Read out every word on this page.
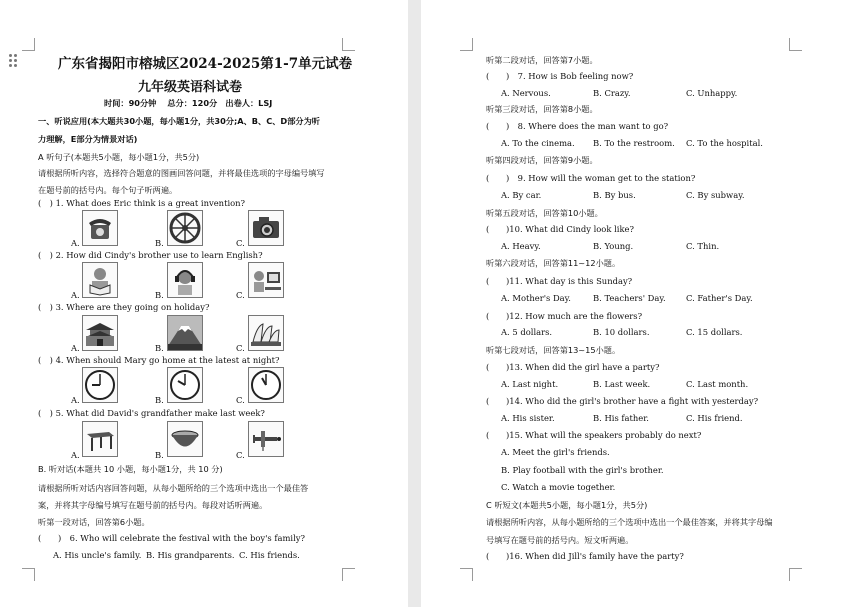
广东省揭阳市榕城区2024-2025第1-7单元试卷
九年级英语科试卷
时间：90分钟　 总分：120分　出卷人：LSJ
一、听说应用(本大题共30小题，每小题1分，共30分;A、B、C、D部分为听
力理解，E部分为情景对话)
A 听句子(本题共5小题，每小题1分，共5分)
请根据所听内容，选择符合题意的图画回答问题，并将最佳选项的字母编号填写
在题号前的括号内。每个句子听两遍。
(　) 1. What does Eric think is a great invention?
A.	B.	C.
(　) 2. How did Cindy's brother use to learn English?
A.	B.	C.
(　) 3. Where are they going on holiday?
A.	B.	C.
(　) 4. When should Mary go home at the latest at night?
A.	B.	C.
(　) 5. What did David's grandfather make last week?
A.	B.	C.
B. 听对话(本题共 10 小题，每小题1分，共 10 分)
请根据所听对话内容回答问题，从每小题所给的三个选项中选出一个最佳答
案，并将其字母编号填写在题号前的括号内。每段对话听两遍。
听第一段对话，回答第6小题。
(　　)　6. Who will celebrate the festival with the boy's family?
A. His uncle's family. B. His grandparents. C. His friends.
听第二段对话，回答第7小题。
(　　)　7. How is Bob feeling now?
A. Nervous.	B. Crazy.	C. Unhappy.
听第三段对话，回答第8小题。
(　　)　8. Where does the man want to go?
A. To the cinema. B. To the restroom. C. To the hospital.
听第四段对话，回答第9小题。
(　　)　9. How will the woman get to the station?
A. By car.	B. By bus.	C. By subway.
听第五段对话，回答第10小题。
(　　)10. What did Cindy look like?
A. Heavy.	B. Young.	C. Thin.
听第六段对话，回答第11~12小题。
(　　)11. What day is this Sunday?
A. Mother's Day.	B. Teachers' Day. C. Father's Day.
(　　)12. How much are the flowers?
A. 5 dollars.	B. 10 dollars.	C. 15 dollars.
听第七段对话，回答第13~15小题。
(　　)13. When did the girl have a party?
A. Last night.	B. Last week.	C. Last month.
(　　)14. Who did the girl's brother have a fight with yesterday?
A. His sister.	B. His father.	C. His friend.
(　　)15. What will the speakers probably do next?
A. Meet the girl's friends.
B. Play football with the girl's brother.
C. Watch a movie together.
C 听短文(本题共5小题，每小题1分，共5分)
请根据所听内容，从每小题所给的三个选项中选出一个最佳答案，并将其字母编
号填写在题号前的括号内。短文听两遍。
(　　)16. When did Jill's family have the party?
